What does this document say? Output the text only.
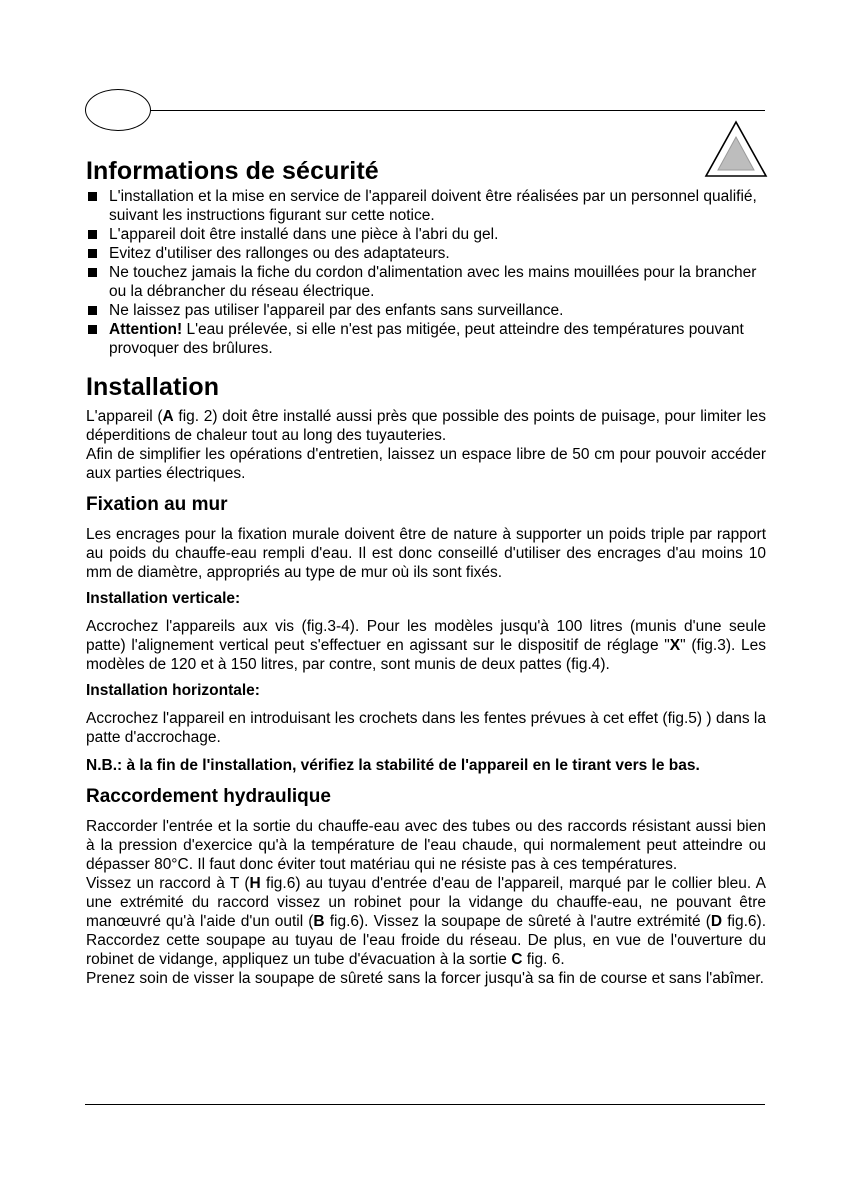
Informations de sécurité
L'installation et la mise en service de l'appareil doivent être réalisées par un personnel qualifié, suivant les instructions figurant sur cette notice.
L'appareil doit être installé dans une pièce à l'abri du gel.
Evitez d'utiliser des rallonges ou des adaptateurs.
Ne touchez jamais la fiche du cordon d'alimentation avec les mains mouillées pour la brancher ou la débrancher du réseau électrique.
Ne laissez pas utiliser l'appareil par des enfants sans surveillance.
Attention! L'eau prélevée, si elle n'est pas mitigée, peut atteindre des températures pouvant provoquer des brûlures.
Installation

L'appareil (A fig. 2) doit être installé aussi près que possible des points de puisage, pour limiter les déperditions de chaleur tout au long des tuyauteries.

Afin de simplifier les opérations d'entretien, laissez un espace libre de 50 cm pour pouvoir accéder aux parties électriques.

Fixation au mur

Les encrages pour la fixation murale doivent être de nature à supporter un poids triple par rapport au poids du chauffe-eau rempli d'eau. Il est donc conseillé d'utiliser des encrages d'au moins 10 mm de diamètre, appropriés au type de mur où ils sont fixés.

Installation verticale:

Accrochez l'appareils aux vis (fig.3-4). Pour les modèles jusqu'à 100 litres (munis d'une seule patte) l'alignement vertical peut s'effectuer en agissant sur le dispositif de réglage "X" (fig.3). Les modèles de 120 et à 150 litres, par contre, sont munis de deux pattes (fig.4).

Installation horizontale:

Accrochez l'appareil en introduisant les crochets dans les fentes prévues à cet effet (fig.5) ) dans la patte d'accrochage.

N.B.: à la fin de l'installation, vérifiez la stabilité de l'appareil en le tirant vers le bas.

Raccordement hydraulique

Raccorder l'entrée et la sortie du chauffe-eau avec des tubes ou des raccords résistant aussi bien à la pression d'exercice qu'à la température de l'eau chaude, qui normalement peut atteindre ou dépasser 80°C. Il faut donc éviter tout matériau qui ne résiste pas à ces températures.

Vissez un raccord à T (H fig.6) au tuyau d'entrée d'eau de l'appareil, marqué par le collier bleu. A une extrémité du raccord vissez un robinet pour la vidange du chauffe-eau, ne pouvant être manœuvré qu'à l'aide d'un outil (B fig.6). Vissez la soupape de sûreté à l'autre extrémité (D fig.6). Raccordez cette soupape au tuyau de l'eau froide du réseau. De plus, en vue de l'ouverture du robinet de vidange, appliquez un tube d'évacuation à la sortie C fig. 6.

Prenez soin de visser la soupape de sûreté sans la forcer jusqu'à sa fin de course et sans l'abîmer.
